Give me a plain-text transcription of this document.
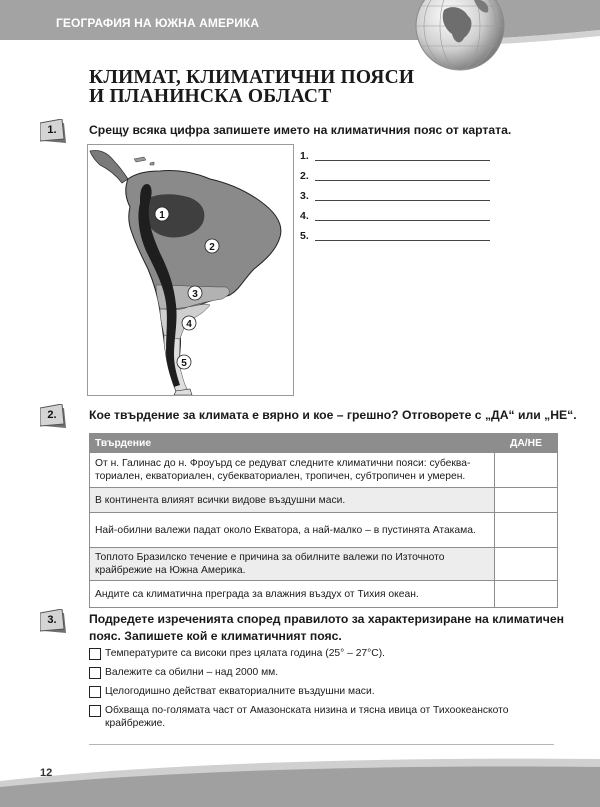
ГЕОГРАФИЯ НА ЮЖНА АМЕРИКА
КЛИМАТ, КЛИМАТИЧНИ ПОЯСИ
И ПЛАНИНСКА ОБЛАСТ
1.	Срещу всяка цифра запишете името на климатичния пояс от картата.
1
2
3
4
5
1.
2.
3.
4.
5.
2.	Кое твърдение за климата е вярно и кое – грешно? Отговорете с „ДА“ или „НЕ“.
Твърдение	ДА/НЕ
От н. Галинас до н. Фроуърд се редуват следните климатични пояси: субекваториален, екваториален, субекваториален, тропичен, субтропичен и умерен.	
В континента влияят всички видове въздушни маси.	
Най-обилни валежи падат около Екватора, а най-малко – в пустинята Атакама.	
Топлото Бразилско течение е причина за обилните валежи по Източното крайбрежие на Южна Америка.	
Андите са климатична преграда за влажния въздух от Тихия океан.	
3.	Подредете изреченията според правилото за характеризиране на климатичен
пояс. Запишете кой е климатичният пояс.
Температурите са високи през цялата година (25° – 27°C).
Валежите са обилни – над 2000 мм.
Целогодишно действат екваториалните въздушни маси.
Обхваща по-голямата част от Амазонската низина и тясна ивица от Тихоокеанското крайбрежие.
12
